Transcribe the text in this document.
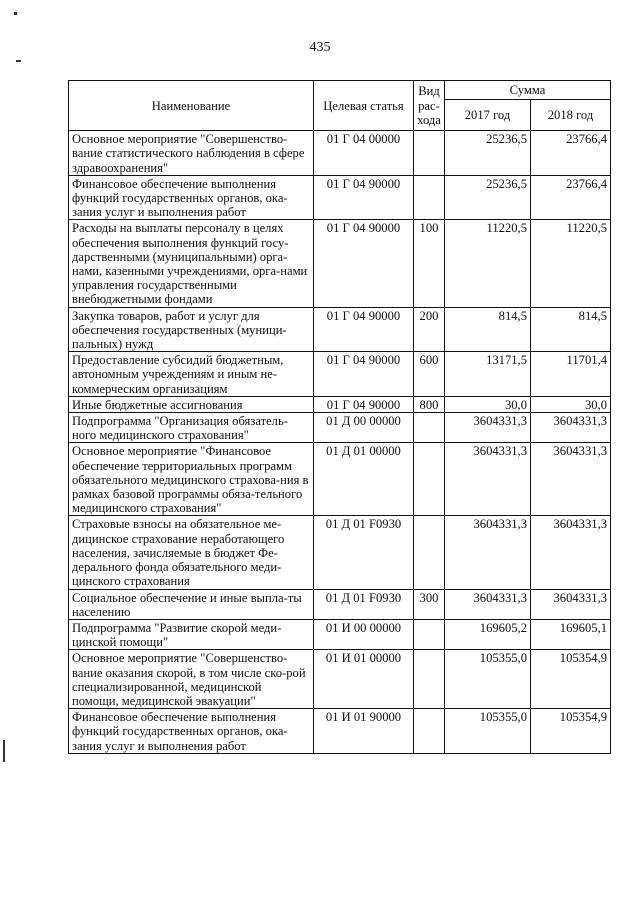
435
Наименование	Целевая статья	Вид рас-хода	Сумма	
			2017 год	2018 год
Основное мероприятие "Совершенство-вание статистического наблюдения в сфере здравоохранения"	01 Г 04 00000		25236,5	23766,4
Финансовое обеспечение выполнения функций государственных органов, ока-зания услуг и выполнения работ	01 Г 04 90000		25236,5	23766,4
Расходы на выплаты персоналу в целях обеспечения выполнения функций госу-дарственными (муниципальными) орга-нами, казенными учреждениями, орга-нами управления государственными внебюджетными фондами	01 Г 04 90000	100	11220,5	11220,5
Закупка товаров, работ и услуг для обеспечения государственных (муници-пальных) нужд	01 Г 04 90000	200	814,5	814,5
Предоставление субсидий бюджетным, автономным учреждениям и иным не-коммерческим организациям	01 Г 04 90000	600	13171,5	11701,4
Иные бюджетные ассигнования	01 Г 04 90000	800	30,0	30,0
Подпрограмма "Организация обязатель-ного медицинского страхования"	01 Д 00 00000		3604331,3	3604331,3
Основное мероприятие "Финансовое обеспечение территориальных программ обязательного медицинского страхова-ния в рамках базовой программы обяза-тельного медицинского страхования"	01 Д 01 00000		3604331,3	3604331,3
Страховые взносы на обязательное ме-дицинское страхование неработающего населения, зачисляемые в бюджет Фе-дерального фонда обязательного меди-цинского страхования	01 Д 01 F0930		3604331,3	3604331,3
Социальное обеспечение и иные выпла-ты населению	01 Д 01 F0930	300	3604331,3	3604331,3
Подпрограмма "Развитие скорой меди-цинской помощи"	01 И 00 00000		169605,2	169605,1
Основное мероприятие "Совершенство-вание оказания скорой, в том числе ско-рой специализированной, медицинской помощи, медицинской эвакуации"	01 И 01 00000		105355,0	105354,9
Финансовое обеспечение выполнения функций государственных органов, ока-зания услуг и выполнения работ	01 И 01 90000		105355,0	105354,9
